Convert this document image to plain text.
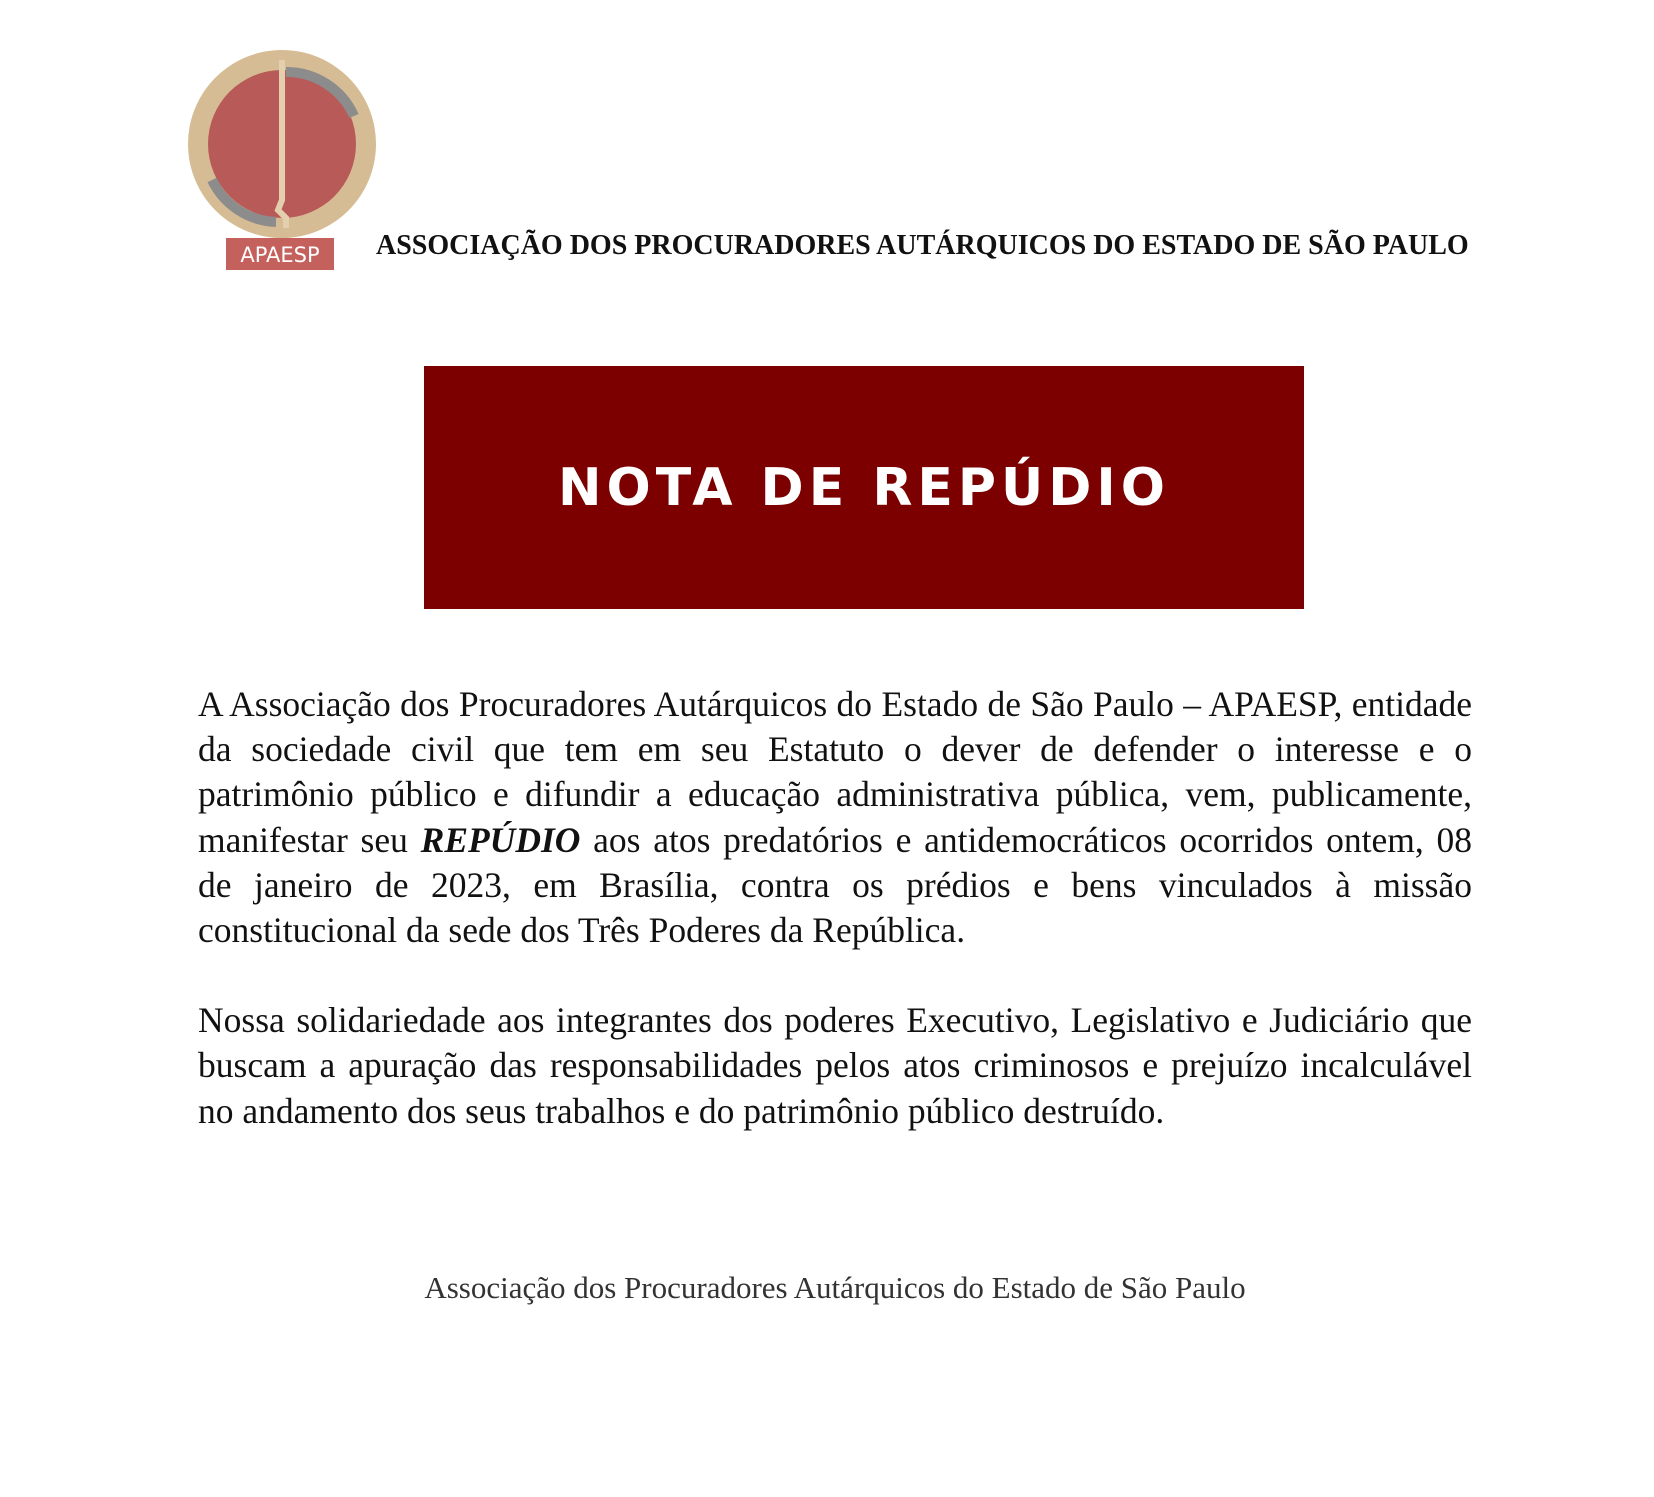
APAESP ASSOCIAÇÃO DOS PROCURADORES AUTÁRQUICOS DO ESTADO DE SÃO PAULO
NOTA DE REPÚDIO

A Associação dos Procuradores Autárquicos do Estado de São Paulo – APAESP, entidade da sociedade civil que tem em seu Estatuto o dever de defender o interesse e o patrimônio público e difundir a educação administrativa pública, vem, publicamente, manifestar seu REPÚDIO aos atos predatórios e antidemocráticos ocorridos ontem, 08 de janeiro de 2023, em Brasília, contra os prédios e bens vinculados à missão constitucional da sede dos Três Poderes da República.

Nossa solidariedade aos integrantes dos poderes Executivo, Legislativo e Judiciário que buscam a apuração das responsabilidades pelos atos criminosos e prejuízo incalculável no andamento dos seus trabalhos e do patrimônio público destruído.

Associação dos Procuradores Autárquicos do Estado de São Paulo
